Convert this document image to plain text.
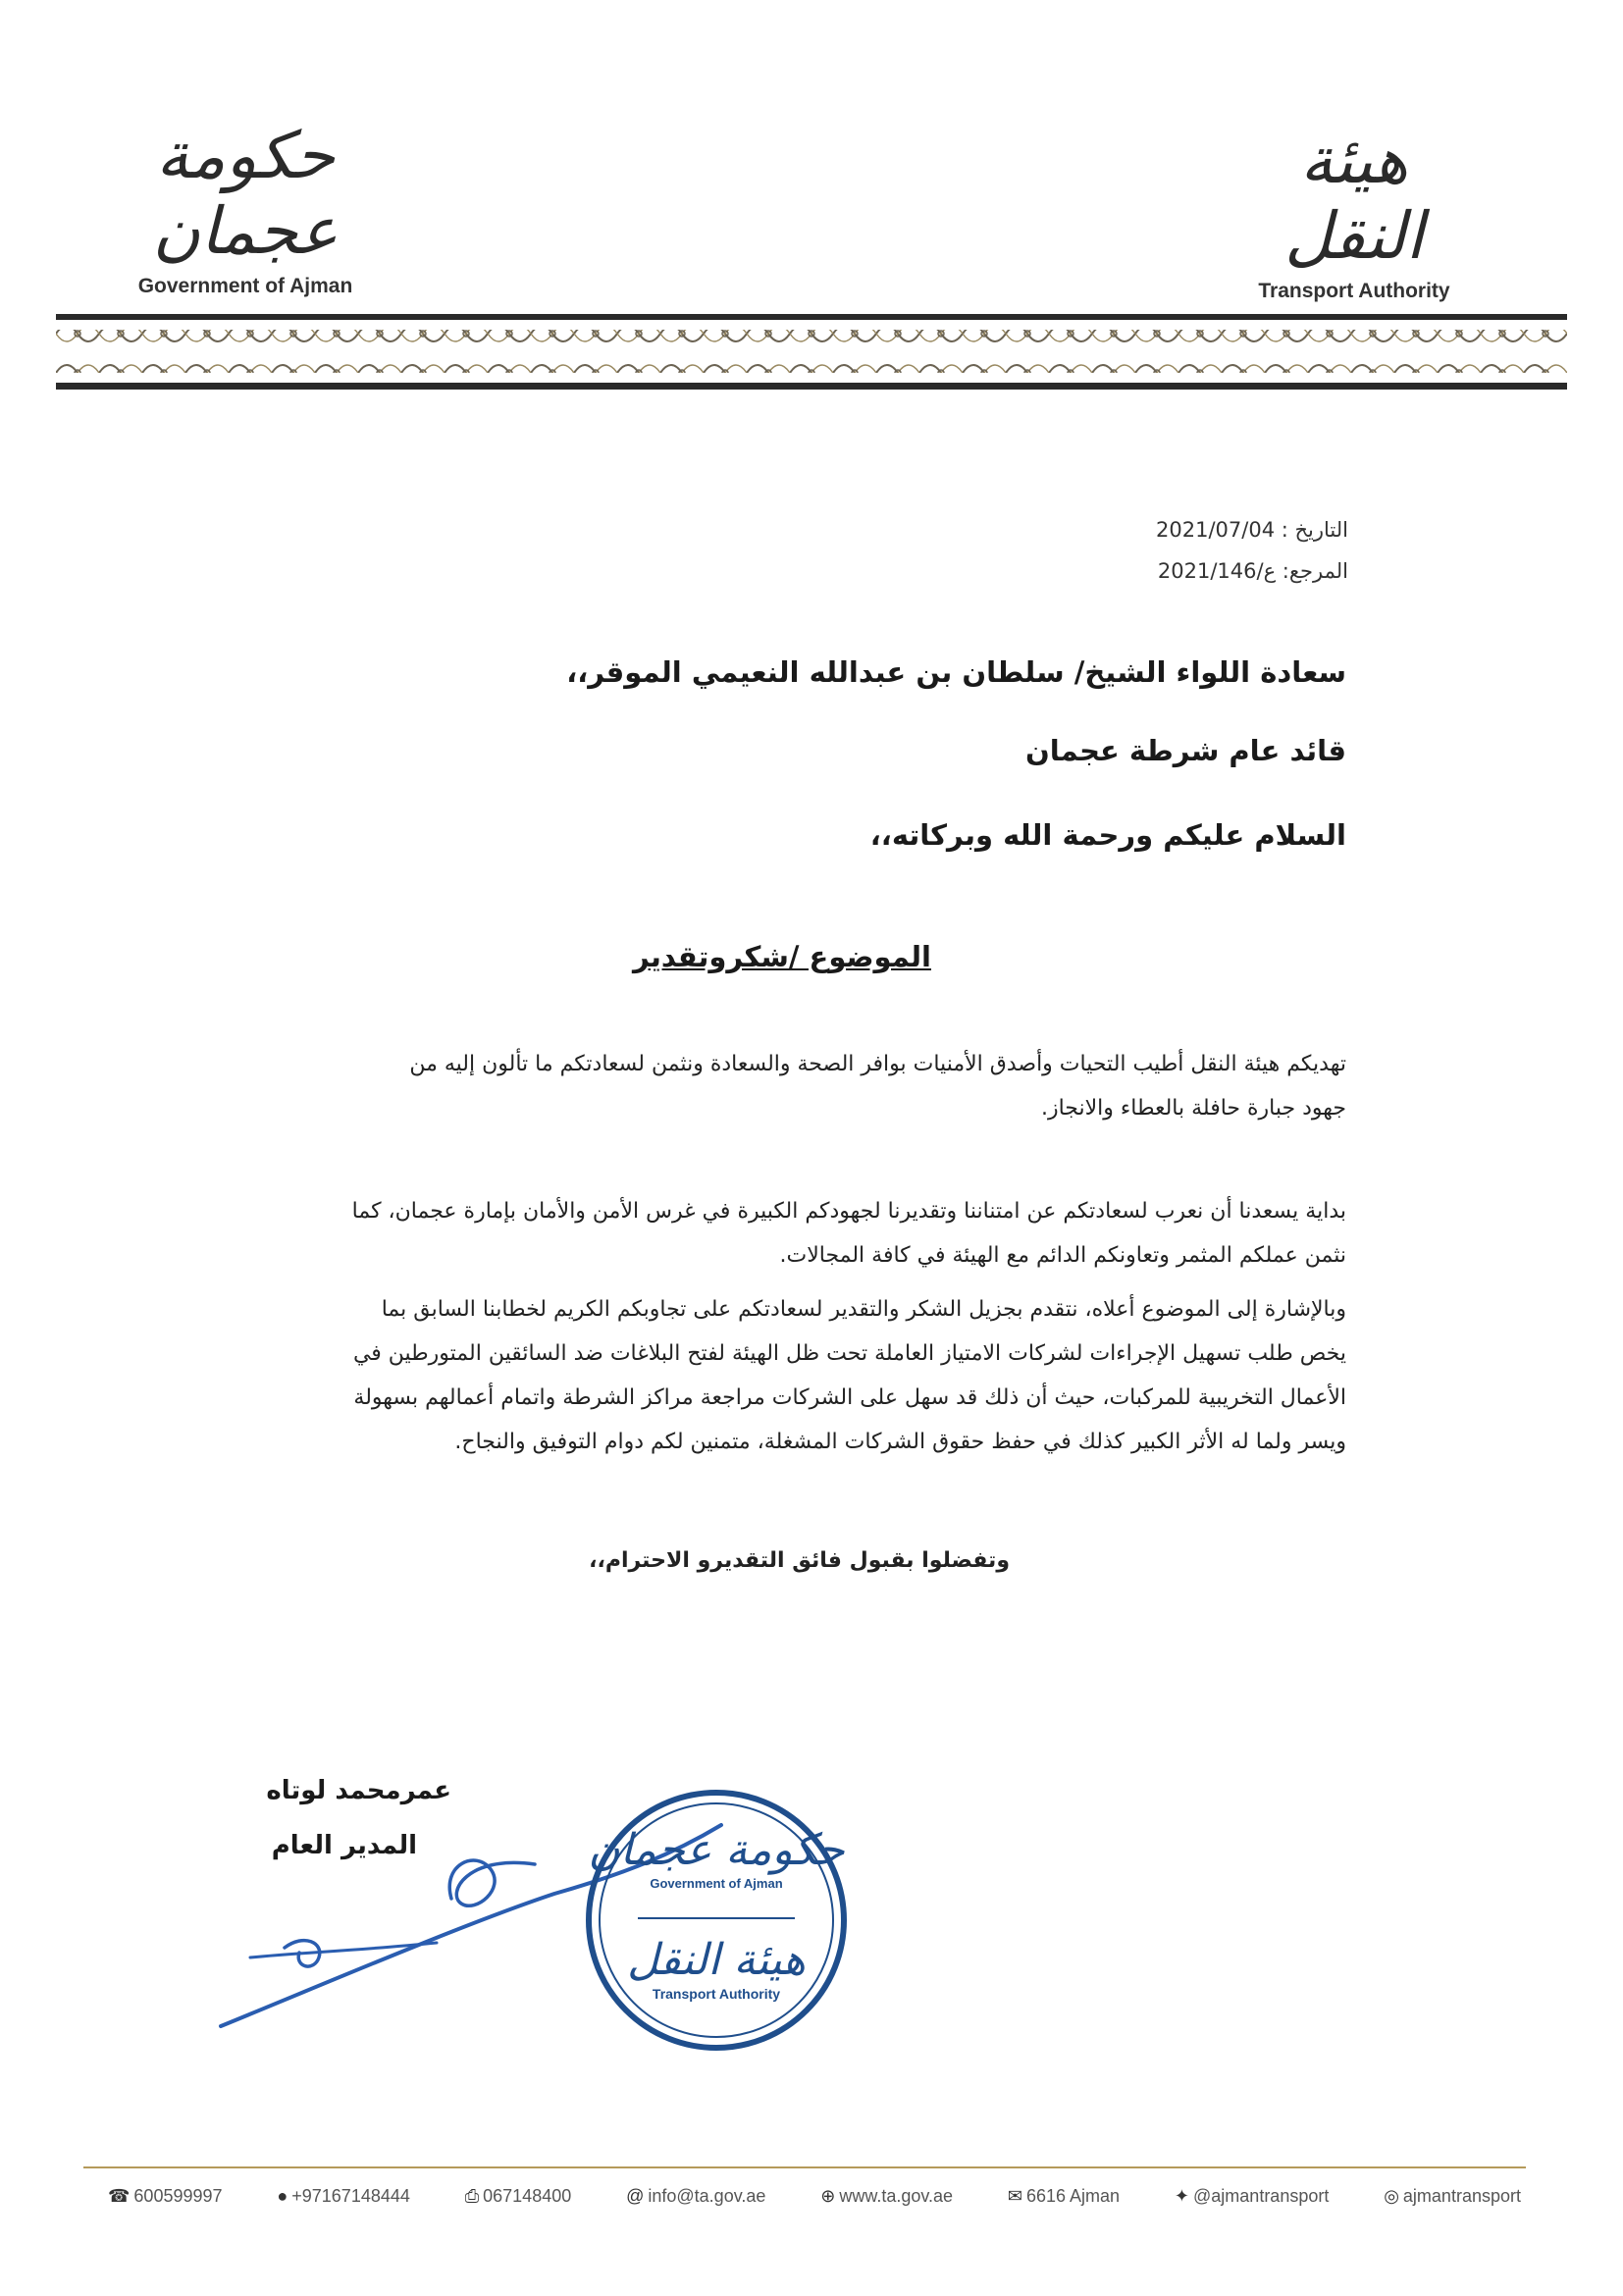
حكومة عجمان
Government of Ajman
هيئة النقل
Transport Authority
التاريخ : 2021/07/04
المرجع: ع/2021/146
سعادة اللواء الشيخ/ سلطان بن عبدالله النعيمي الموقر،،
قائد عام شرطة عجمان
السلام عليكم ورحمة الله وبركاته،،
الموضوع /شكروتقدير
تهديكم هيئة النقل أطيب التحيات وأصدق الأمنيات بوافر الصحة والسعادة ونثمن لسعادتكم ما تألون إليه من
جهود جبارة حافلة بالعطاء والانجاز.
بداية يسعدنا أن نعرب لسعادتكم عن امتناننا وتقديرنا لجهودكم الكبيرة في غرس الأمن والأمان بإمارة عجمان، كما
نثمن عملكم المثمر وتعاونكم الدائم مع الهيئة في كافة المجالات.
وبالإشارة إلى الموضوع أعلاه، نتقدم بجزيل الشكر والتقدير لسعادتكم على تجاوبكم الكريم لخطابنا السابق بما
يخص طلب تسهيل الإجراءات لشركات الامتياز العاملة تحت ظل الهيئة لفتح البلاغات ضد السائقين المتورطين في
الأعمال التخريبية للمركبات، حيث أن ذلك قد سهل على الشركات مراجعة مراكز الشرطة واتمام أعمالهم بسهولة
ويسر ولما له الأثر الكبير كذلك في حفظ حقوق الشركات المشغلة، متمنين لكم دوام التوفيق والنجاح.
وتفضلوا بقبول فائق التقديرو الاحترام،،
عمرمحمد لوتاه
المدير العام	حكومة عجمان
Government of Ajman
هيئة النقل
Transport Authority
☎ 600599997	● +97167148444	⎙ 067148400	@ info@ta.gov.ae	⊕ www.ta.gov.ae	✉ 6616 Ajman	✦ @ajmantransport	◎ ajmantransport
